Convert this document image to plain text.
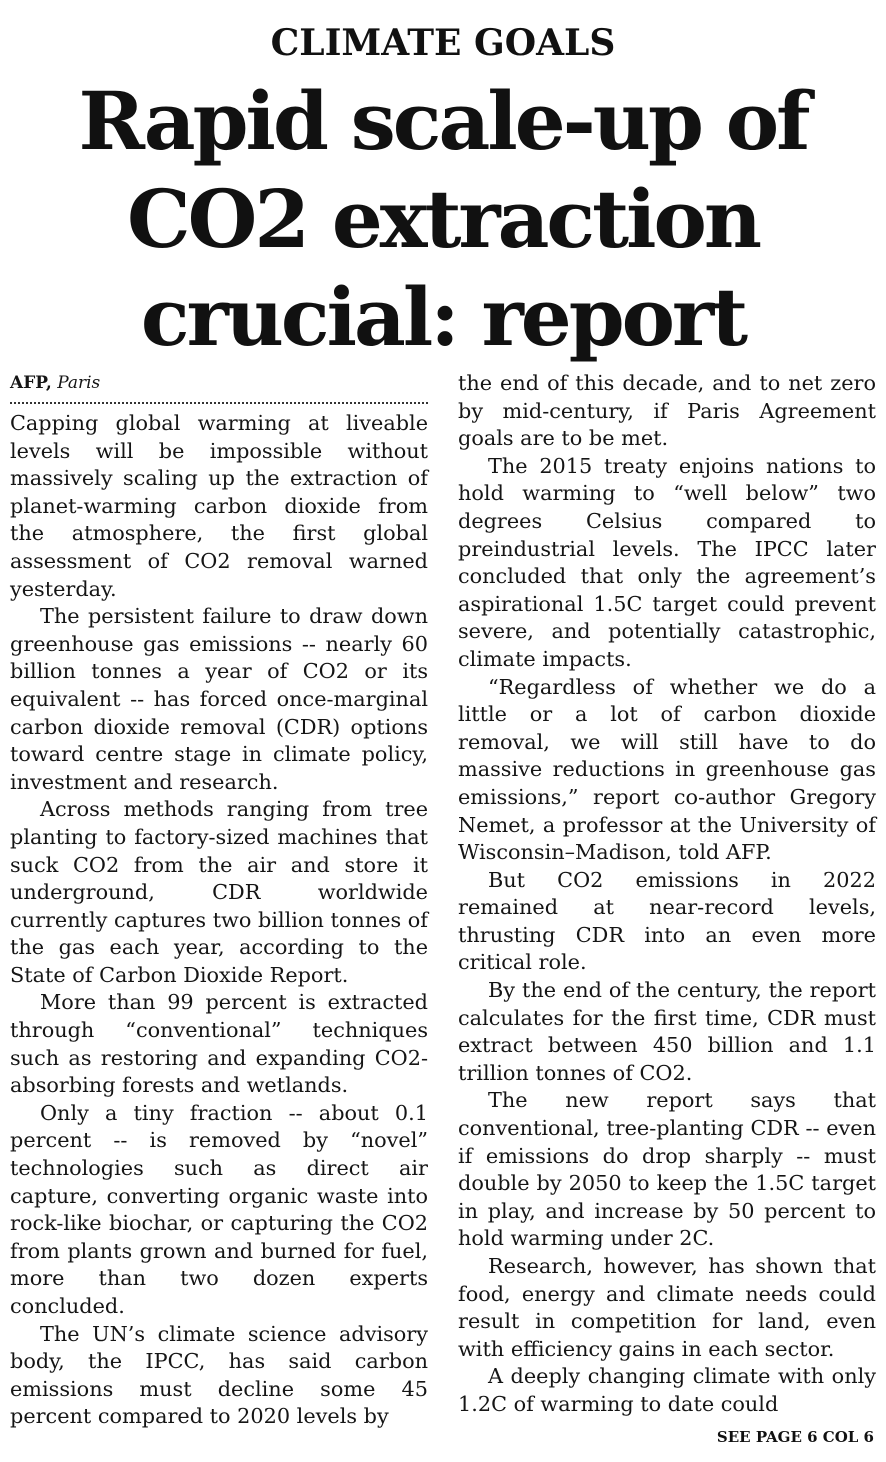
CLIMATE GOALS
Rapid scale-up of CO2 extraction crucial: report
AFP, Paris

Capping global warming at liveable levels will be impossible without massively scaling up the extraction of planet-warming carbon dioxide from the atmosphere, the first global assessment of CO2 removal warned yesterday.

The persistent failure to draw down greenhouse gas emissions -- nearly 60 billion tonnes a year of CO2 or its equivalent -- has forced once-marginal carbon dioxide removal (CDR) options toward centre stage in climate policy, investment and research.

Across methods ranging from tree planting to factory-sized machines that suck CO2 from the air and store it underground, CDR worldwide currently captures two billion tonnes of the gas each year, according to the State of Carbon Dioxide Report.

More than 99 percent is extracted through “conventional” techniques such as restoring and expanding CO2-absorbing forests and wetlands.

Only a tiny fraction -- about 0.1 percent -- is removed by “novel” technologies such as direct air capture, converting organic waste into rock-like biochar, or capturing the CO2 from plants grown and burned for fuel, more than two dozen experts concluded.

The UN’s climate science advisory body, the IPCC, has said carbon emissions must decline some 45 percent compared to 2020 levels by

the end of this decade, and to net zero by mid-century, if Paris Agreement goals are to be met.

The 2015 treaty enjoins nations to hold warming to “well below” two degrees Celsius compared to preindustrial levels. The IPCC later concluded that only the agreement’s aspirational 1.5C target could prevent severe, and potentially catastrophic, climate impacts.

“Regardless of whether we do a little or a lot of carbon dioxide removal, we will still have to do massive reductions in greenhouse gas emissions,” report co-author Gregory Nemet, a professor at the University of Wisconsin–Madison, told AFP.

But CO2 emissions in 2022 remained at near-record levels, thrusting CDR into an even more critical role.

By the end of the century, the report calculates for the first time, CDR must extract between 450 billion and 1.1 trillion tonnes of CO2.

The new report says that conventional, tree-planting CDR -- even if emissions do drop sharply -- must double by 2050 to keep the 1.5C target in play, and increase by 50 percent to hold warming under 2C.

Research, however, has shown that food, energy and climate needs could result in competition for land, even with efficiency gains in each sector.

A deeply changing climate with only 1.2C of warming to date could

SEE PAGE 6 COL 6
